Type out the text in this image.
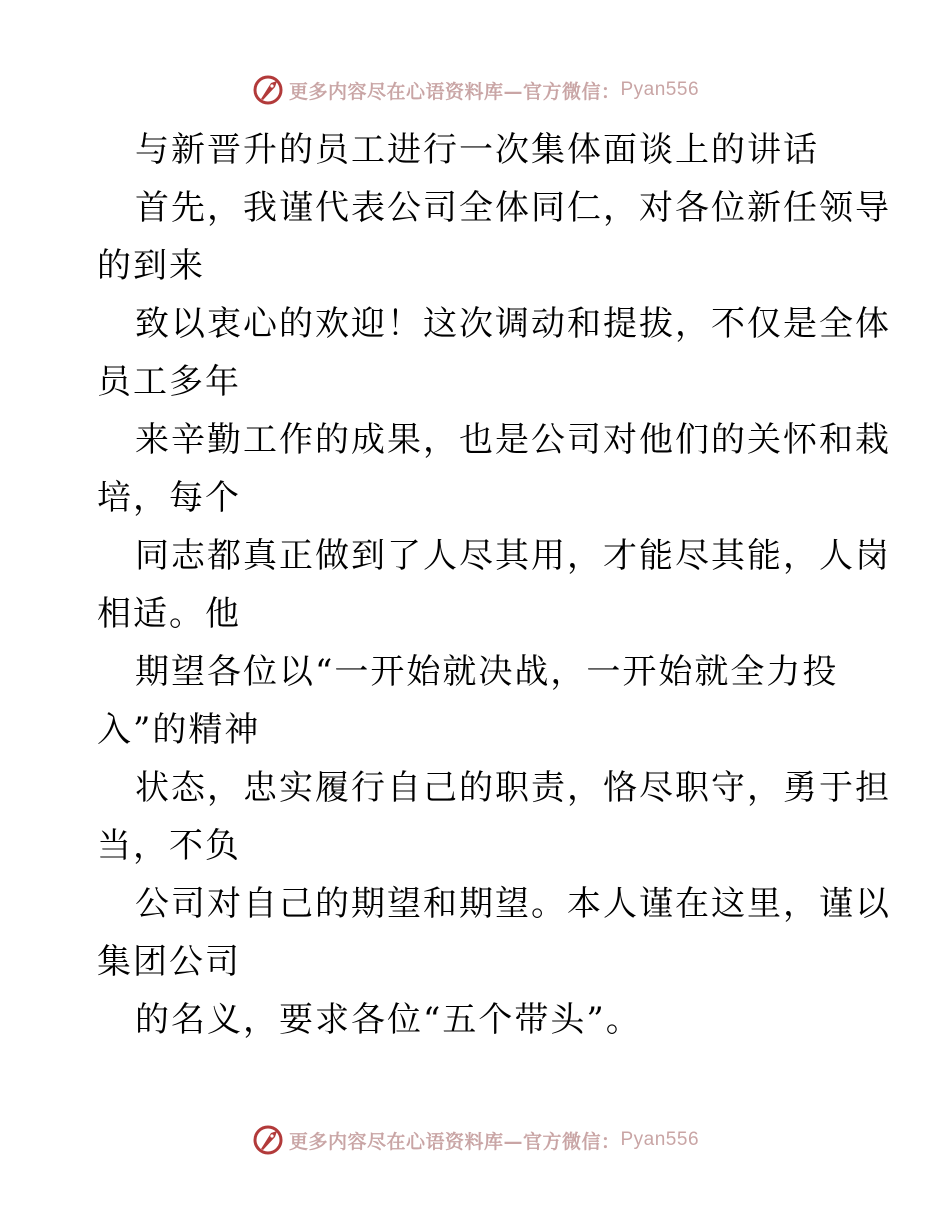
更多内容尽在心语资料库—官方微信： Pyan556
与新晋升的员工进行一次集体面谈上的讲话
首先，我谨代表公司全体同仁，对各位新任领导
的到来
致以衷心的欢迎！这次调动和提拔，不仅是全体
员工多年
来辛勤工作的成果，也是公司对他们的关怀和栽
培，每个
同志都真正做到了人尽其用，才能尽其能，人岗
相适。他
期望各位以“一开始就决战，一开始就全力投
入”的精神
状态，忠实履行自己的职责，恪尽职守，勇于担
当，不负
公司对自己的期望和期望。本人谨在这里，谨以
集团公司
的名义，要求各位“五个带头”。
更多内容尽在心语资料库—官方微信： Pyan556
